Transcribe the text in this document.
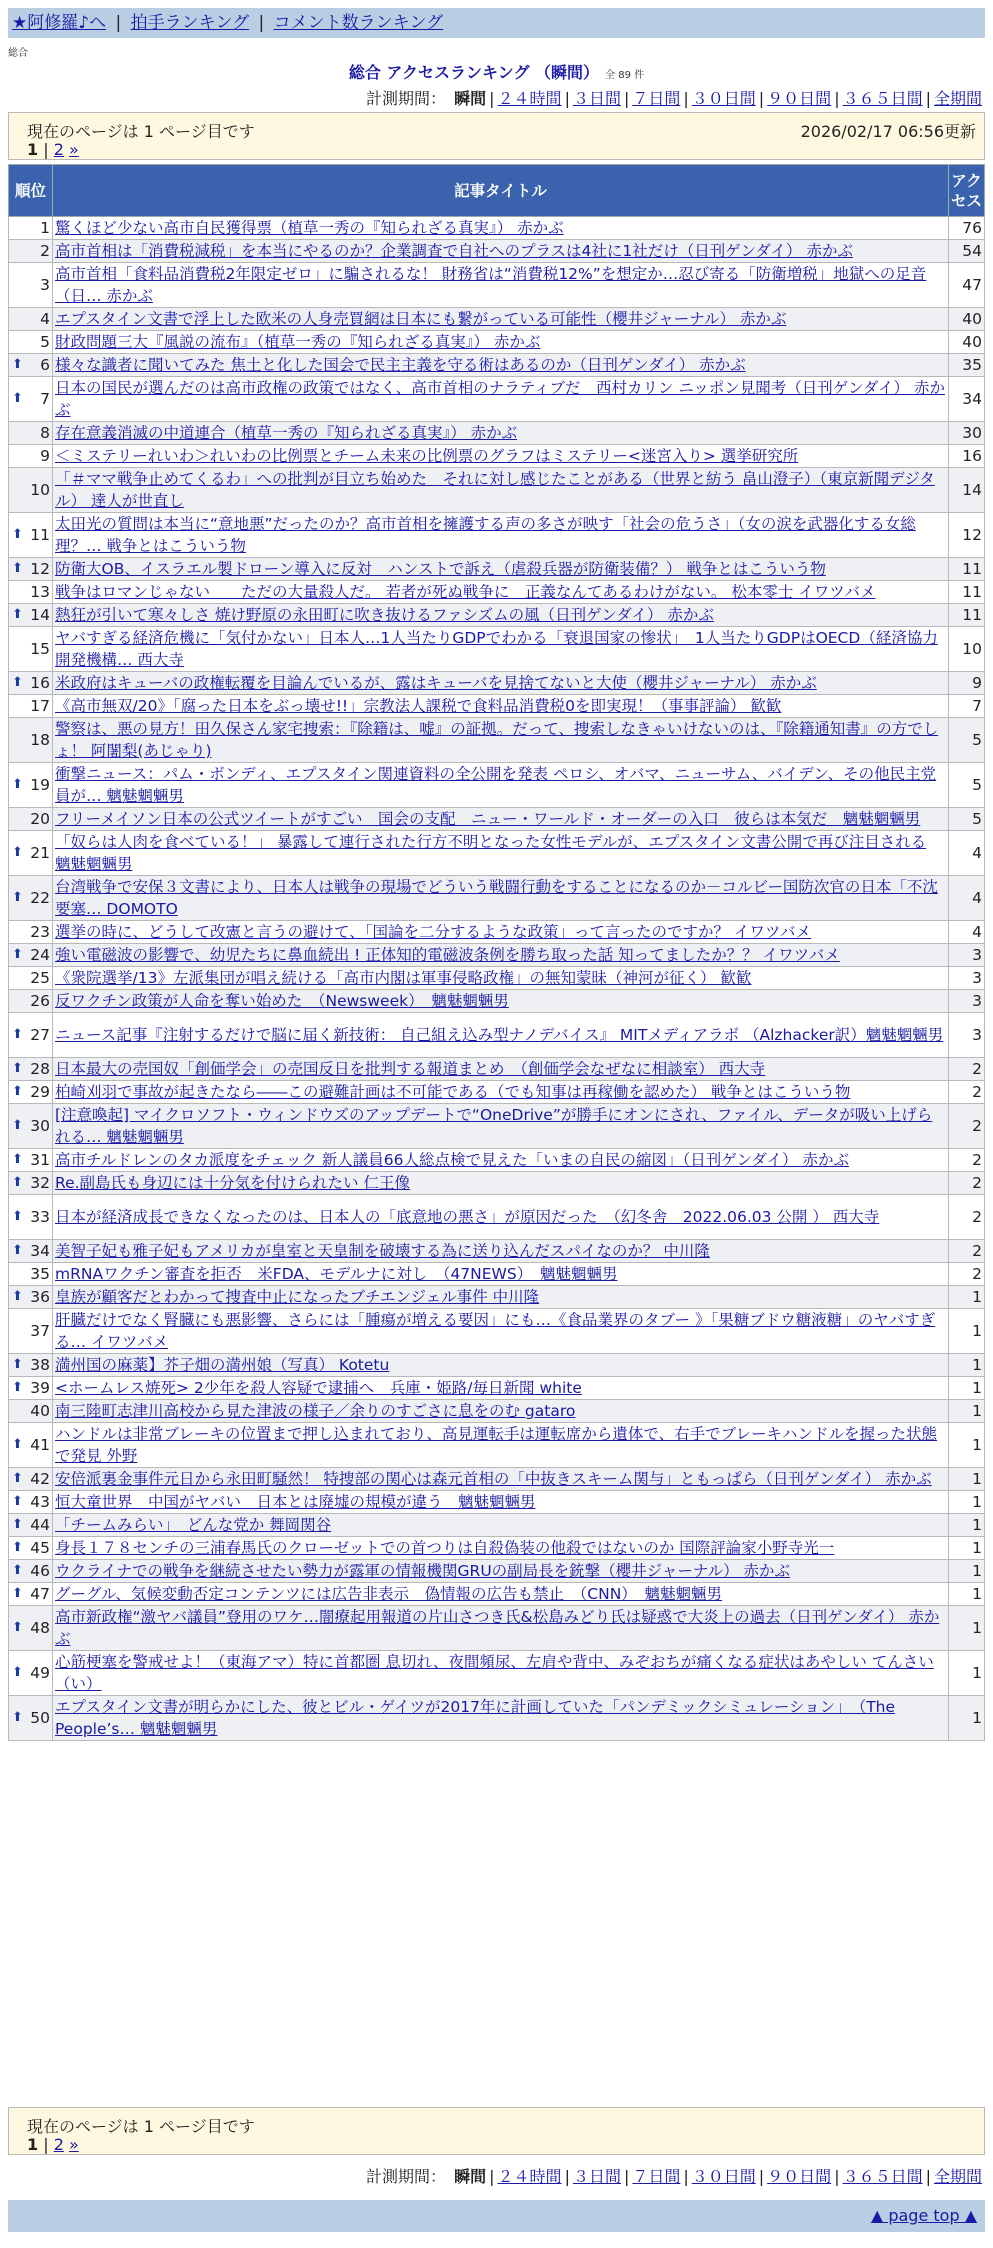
★阿修羅♪へ | 拍手ランキング | コメント数ランキング
総合
総合 アクセスランキング （瞬間） 全 89 件
計測期間： 瞬間 | ２４時間 | ３日間 | ７日間 | ３０日間 | ９０日間 | ３６５日間 | 全期間
現在のページは 1 ページ目です	2026/02/17 06:56更新
1 | 2 »
順位	記事タイトル	アクセス
1	驚くほど少ない高市自民獲得票（植草一秀の『知られざる真実』） 赤かぶ	76
2	高市首相は「消費税減税」を本当にやるのか？企業調査で自社へのプラスは4社に1社だけ（日刊ゲンダイ） 赤かぶ	54
3	高市首相「食料品消費税2年限定ゼロ」に騙されるな！ 財務省は“消費税12%”を想定か…忍び寄る「防衛増税」地獄への足音（日… 赤かぶ	47
4	エプスタイン文書で浮上した欧米の人身売買網は日本にも繋がっている可能性（櫻井ジャーナル） 赤かぶ	40
5	財政問題三大『風説の流布』（植草一秀の『知られざる真実』） 赤かぶ	40

⬆ 6	様々な識者に聞いてみた 焦土と化した国会で民主主義を守る術はあるのか（日刊ゲンダイ） 赤かぶ	35

⬆ 7	日本の国民が選んだのは高市政権の政策ではなく、高市首相のナラティブだ　西村カリン ニッポン見聞考（日刊ゲンダイ） 赤かぶ	34
8	存在意義消滅の中道連合（植草一秀の『知られざる真実』） 赤かぶ	30
9	＜ミステリーれいわ＞れいわの比例票とチーム未来の比例票のグラフはミステリー<迷宮入り> 選挙研究所	16
10	「＃ママ戦争止めてくるわ」への批判が目立ち始めた　それに対し感じたことがある（世界と紡う 畠山澄子）（東京新聞デジタル） 達人が世直し	14

⬆ 11	太田光の質問は本当に“意地悪”だったのか？高市首相を擁護する声の多さが映す「社会の危うさ」（女の涙を武器化する女総理？… 戦争とはこういう物	12

⬆ 12	防衛大OB、イスラエル製ドローン導入に反対　ハンストで訴え（虐殺兵器が防衛装備？） 戦争とはこういう物	11
13	戦争はロマンじゃない　　ただの大量殺人だ。 若者が死ぬ戦争に　正義なんてあるわけがない。 松本零士 イワツバメ	11

⬆ 14	熱狂が引いて寒々しさ 焼け野原の永田町に吹き抜けるファシズムの風（日刊ゲンダイ） 赤かぶ	11
15	ヤバすぎる経済危機に「気付かない」日本人…1人当たりGDPでわかる「衰退国家の惨状」　1人当たりGDPはOECD（経済協力開発機構… 西大寺	10

⬆ 16	米政府はキューバの政権転覆を目論んでいるが、露はキューバを見捨てないと大使（櫻井ジャーナル） 赤かぶ	9
17	《高市無双/20》「腐った日本をぶっ壊せ!!」宗教法人課税で食料品消費税0を即実現！（事事評論） 歓歓	7
18	警察は、悪の見方！田久保さん家宅捜索：『除籍は、嘘』の証拠。だって、捜索しなきゃいけないのは、『除籍通知書』の方でしょ！ 阿闍梨(あじゃり)	5

⬆ 19	衝撃ニュース：パム・ボンディ、エプスタイン関連資料の全公開を発表 ペロシ、オバマ、ニューサム、バイデン、その他民主党員が… 魑魅魍魎男	5
20	フリーメイソン日本の公式ツイートがすごい　国会の支配　ニュー・ワールド・オーダーの入口　彼らは本気だ　魑魅魍魎男	5

⬆ 21	「奴らは人肉を食べている！」 暴露して連行された行方不明となった女性モデルが、エプスタイン文書公開で再び注目される 魑魅魍魎男	4

⬆ 22	台湾戦争で安保３文書により、日本人は戦争の現場でどういう戦闘行動をすることになるのか－コルビー国防次官の日本「不沈要塞… DOMOTO	4
23	選挙の時に、どうして改憲と言うの避けて、「国論を二分するような政策」って言ったのですか？ イワツバメ	4

⬆ 24	強い電磁波の影響で、幼児たちに鼻血続出 ! 正体知的電磁波条例を勝ち取った話 知ってましたか？？ イワツバメ	3
25	《衆院選挙/13》左派集団が唱え続ける「高市内閣は軍事侵略政権」の無知蒙昧（神河が征く） 歓歓	3
26	反ワクチン政策が人命を奪い始めた　（Newsweek）　魑魅魍魎男	3

⬆ 27	ニュース記事『注射するだけで脳に届く新技術： 自己組え込み型ナノデバイス』 MITメディアラボ （Alzhacker訳）魑魅魍魎男	3

⬆ 28	日本最大の売国奴「創価学会」の売国反日を批判する報道まとめ　（創価学会なぜなに相談室） 西大寺	2

⬆ 29	柏崎刈羽で事故が起きたなら――この避難計画は不可能である（でも知事は再稼働を認めた） 戦争とはこういう物	2

⬆ 30	[注意喚起] マイクロソフト・ウィンドウズのアップデートで“OneDrive”が勝手にオンにされ、ファイル、データが吸い上げられる… 魑魅魍魎男	2

⬆ 31	高市チルドレンのタカ派度をチェック 新人議員66人総点検で見えた「いまの自民の縮図」（日刊ゲンダイ） 赤かぶ	2

⬆ 32	Re.副島氏も身辺には十分気を付けられたい 仁王像	2

⬆ 33	日本が経済成長できなくなったのは、日本人の「底意地の悪さ」が原因だった　（幻冬舎　2022.06.03 公開 ） 西大寺	2

⬆ 34	美智子妃も雅子妃もアメリカが皇室と天皇制を破壊する為に送り込んだスパイなのか？ 中川隆	2
35	mRNAワクチン審査を拒否　米FDA、モデルナに対し　（47NEWS）　魑魅魍魎男	2

⬆ 36	皇族が顧客だとわかって捜査中止になったブチエンジェル事件 中川隆	1
37	肝臓だけでなく腎臓にも悪影響、さらには「腫瘍が増える要因」にも…《食品業界のタブー 》「果糖ブドウ糖液糖」のヤバすぎる… イワツバメ	1

⬆ 38	満州国の麻薬】芥子畑の満州娘（写真） Kotetu	1

⬆ 39	<ホームレス焼死> 2少年を殺人容疑で逮捕へ　兵庫・姫路/毎日新聞 white	1
40	南三陸町志津川高校から見た津波の様子／余りのすごさに息をのむ gataro	1

⬆ 41	ハンドルは非常ブレーキの位置まで押し込まれており、高見運転手は運転席から遺体で、右手でブレーキハンドルを握った状態で発見 外野	1

⬆ 42	安倍派裏金事件元日から永田町騒然！ 特捜部の関心は森元首相の「中抜きスキーム関与」ともっぱら（日刊ゲンダイ） 赤かぶ	1

⬆ 43	恒大童世界　中国がヤバい　日本とは廃墟の規模が違う　魑魅魍魎男	1

⬆ 44	「チームみらい」　どんな党か 舞岡関谷	1

⬆ 45	身長１７８センチの三浦春馬氏のクローゼットでの首つりは自殺偽装の他殺ではないのか 国際評論家小野寺光一	1

⬆ 46	ウクライナでの戦争を継続させたい勢力が露軍の情報機関GRUの副局長を銃撃（櫻井ジャーナル） 赤かぶ	1

⬆ 47	グーグル、気候変動否定コンテンツには広告非表示　偽情報の広告も禁止　（CNN）　魑魅魍魎男	1

⬆ 48	高市新政権“激ヤバ議員”登用のワケ…闇療起用報道の片山さつき氏&松島みどり氏は疑惑で大炎上の過去（日刊ゲンダイ） 赤かぶ	1

⬆ 49	心筋梗塞を警戒せよ！（東海アマ）特に首都圏 息切れ、夜間頻尿、左肩や背中、みぞおちが痛くなる症状はあやしい てんさい（い）	1

⬆ 50	エプスタイン文書が明らかにした、彼とビル・ゲイツが2017年に計画していた「パンデミックシミュレーション」　（The People’s… 魑魅魍魎男	1
現在のページは 1 ページ目です
1 | 2 »
計測期間： 瞬間 | ２４時間 | ３日間 | ７日間 | ３０日間 | ９０日間 | ３６５日間 | 全期間
▲ page top ▲
